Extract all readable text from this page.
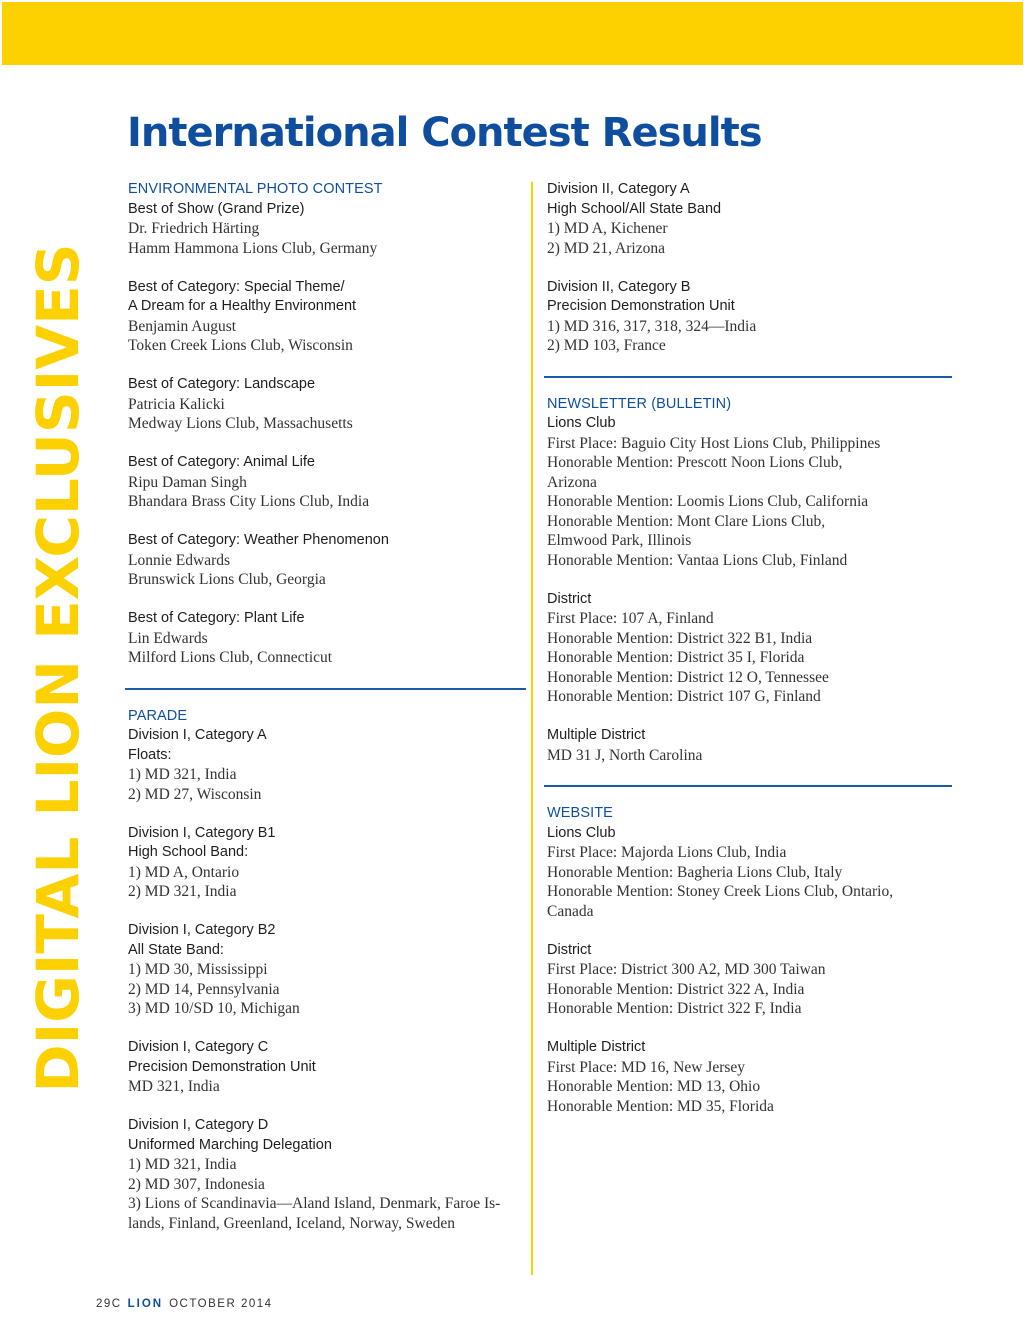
International Contest Results
DIGITAL LION EXCLUSIVES
ENVIRONMENTAL PHOTO CONTEST
Best of Show (Grand Prize)
Dr. Friedrich Härting
Hamm Hammona Lions Club, Germany
Best of Category: Special Theme/
A Dream for a Healthy Environment
Benjamin August
Token Creek Lions Club, Wisconsin
Best of Category: Landscape
Patricia Kalicki
Medway Lions Club, Massachusetts
Best of Category: Animal Life
Ripu Daman Singh
Bhandara Brass City Lions Club, India
Best of Category: Weather Phenomenon
Lonnie Edwards
Brunswick Lions Club, Georgia
Best of Category: Plant Life
Lin Edwards
Milford Lions Club, Connecticut
PARADE
Division I, Category A
Floats:
1) MD 321, India
2) MD 27, Wisconsin
Division I, Category B1
High School Band:
1) MD A, Ontario
2) MD 321, India
Division I, Category B2
All State Band:
1) MD 30, Mississippi
2) MD 14, Pennsylvania
3) MD 10/SD 10, Michigan
Division I, Category C
Precision Demonstration Unit
MD 321, India
Division I, Category D
Uniformed Marching Delegation
1) MD 321, India
2) MD 307, Indonesia
3) Lions of Scandinavia—Aland Island, Denmark, Faroe Is-
lands, Finland, Greenland, Iceland, Norway, Sweden
Division II, Category A
High School/All State Band
1) MD A, Kichener
2) MD 21, Arizona
Division II, Category B
Precision Demonstration Unit
1) MD 316, 317, 318, 324—India
2) MD 103, France
NEWSLETTER (BULLETIN)
Lions Club
First Place: Baguio City Host Lions Club, Philippines
Honorable Mention: Prescott Noon Lions Club,
Arizona
Honorable Mention: Loomis Lions Club, California
Honorable Mention: Mont Clare Lions Club,
Elmwood Park, Illinois
Honorable Mention: Vantaa Lions Club, Finland
District
First Place: 107 A, Finland
Honorable Mention: District 322 B1, India
Honorable Mention: District 35 I, Florida
Honorable Mention: District 12 O, Tennessee
Honorable Mention: District 107 G, Finland
Multiple District
MD 31 J, North Carolina
WEBSITE
Lions Club
First Place: Majorda Lions Club, India
Honorable Mention: Bagheria Lions Club, Italy
Honorable Mention: Stoney Creek Lions Club, Ontario,
Canada
District
First Place: District 300 A2, MD 300 Taiwan
Honorable Mention: District 322 A, India
Honorable Mention: District 322 F, India
Multiple District
First Place: MD 16, New Jersey
Honorable Mention: MD 13, Ohio
Honorable Mention: MD 35, Florida
29C LION OCTOBER 2014
